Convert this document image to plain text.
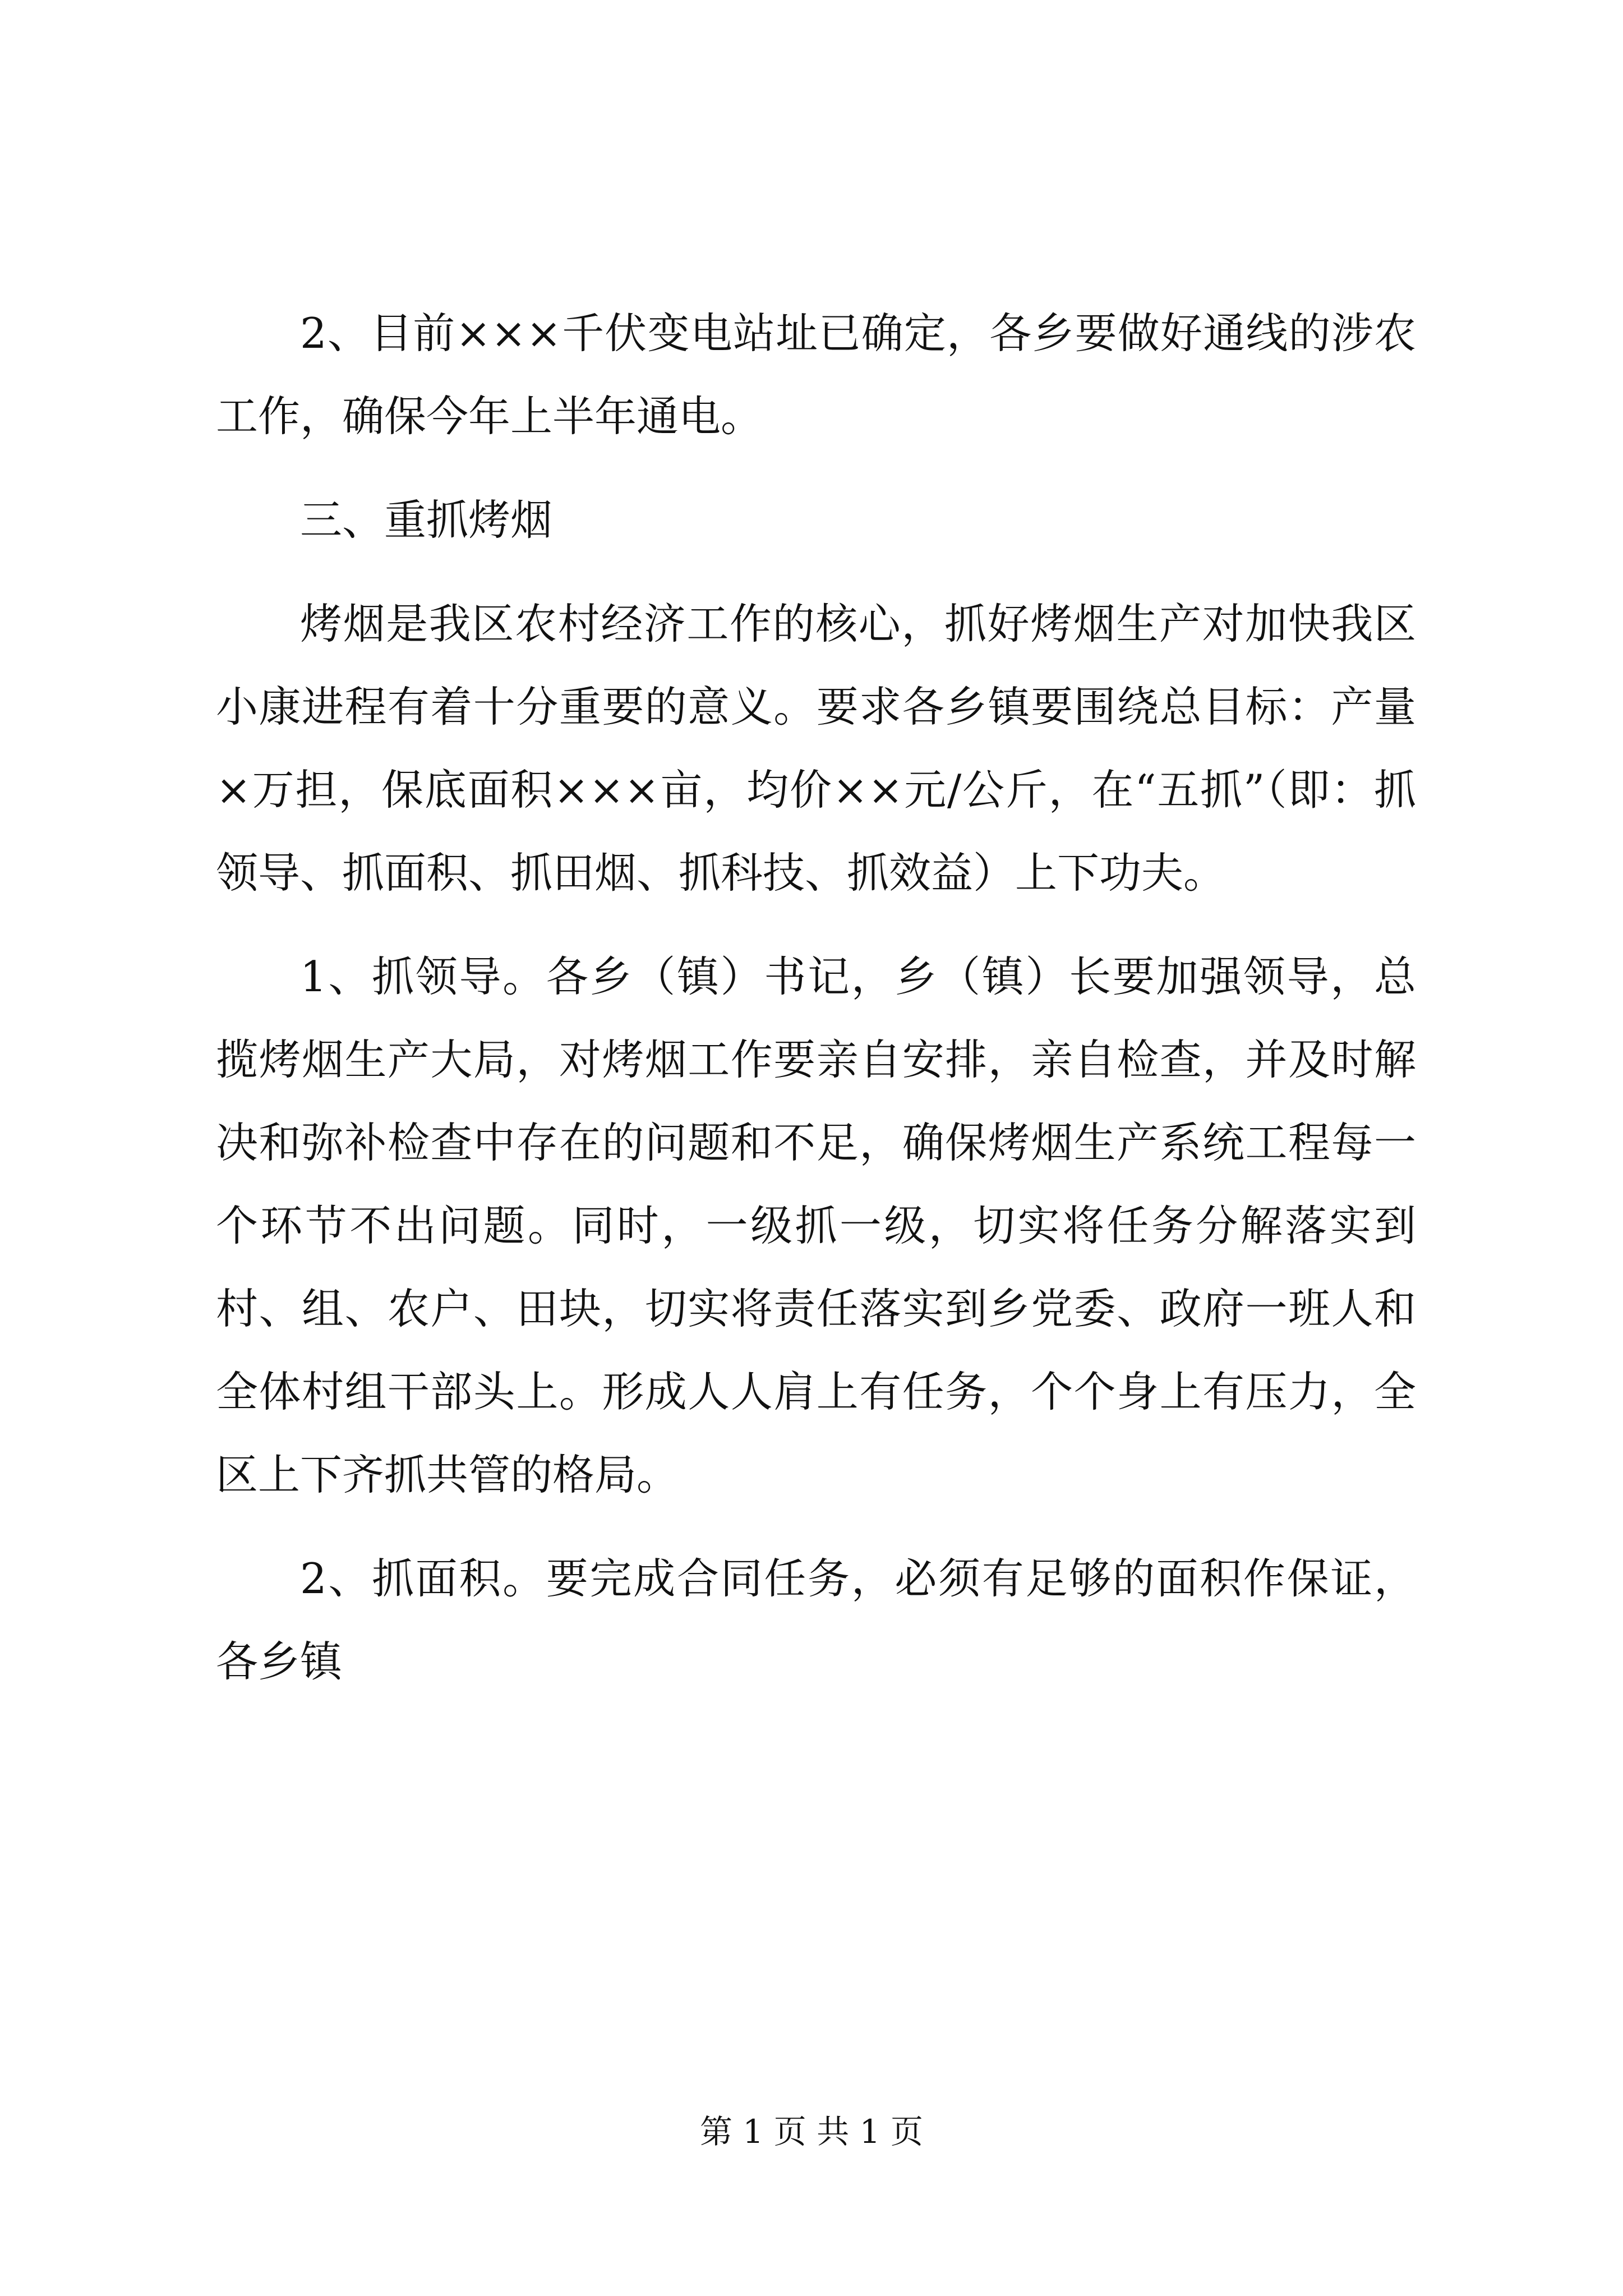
2、目前×××千伏变电站址已确定，各乡要做好通线的涉农工作，确保今年上半年通电。

三、重抓烤烟

烤烟是我区农村经济工作的核心，抓好烤烟生产对加快我区小康进程有着十分重要的意义。要求各乡镇要围绕总目标：产量×万担，保底面积×××亩，均价××元/公斤，在“五抓”（即：抓领导、抓面积、抓田烟、抓科技、抓效益）上下功夫。

1、抓领导。各乡（镇）书记，乡（镇）长要加强领导，总揽烤烟生产大局，对烤烟工作要亲自安排，亲自检查，并及时解决和弥补检查中存在的问题和不足，确保烤烟生产系统工程每一个环节不出问题。同时，一级抓一级，切实将任务分解落实到村、组、农户、田块，切实将责任落实到乡党委、政府一班人和全体村组干部头上。形成人人肩上有任务，个个身上有压力，全区上下齐抓共管的格局。

2、抓面积。要完成合同任务，必须有足够的面积作保证，各乡镇

第 1 页 共 1 页
